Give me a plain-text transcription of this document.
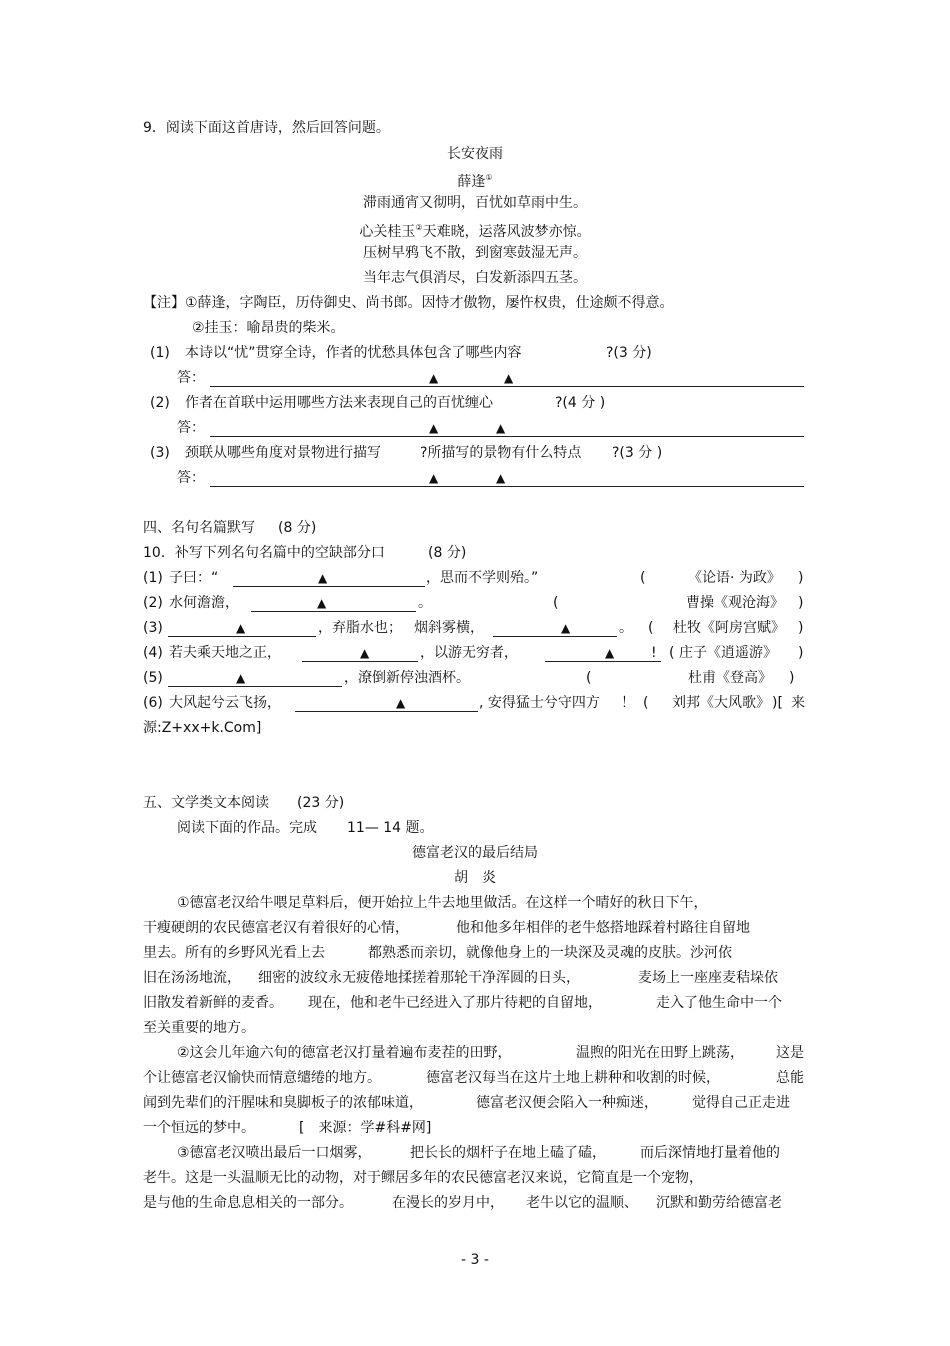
9．阅读下面这首唐诗，然后回答问题。
长安夜雨
薛逢①
滞雨通宵又彻明，百忧如草雨中生。
心关桂玉②天难晓，运落风波梦亦惊。
压树早鸦飞不散，到窗寒鼓湿无声。
当年志气俱消尽，白发新添四五茎。
【注】①薛逢，字陶臣，历侍御史、尚书郎。因恃才傲物，屡忤权贵，仕途颇不得意。
②挂玉：喻昂贵的柴米。
(1) 本诗以“忧”贯穿全诗，作者的忧愁具体包含了哪些内容	?(3 分)
答：	▲	▲
(2) 作者在首联中运用哪些方法来表现自己的百忧缠心	?(4 分 )
答：	▲	▲
(3) 颈联从哪些角度对景物进行描写	?所描写的景物有什么特点 ?(3 分 )
答：	▲	▲
四、名句名篇默写 (8 分)
10．补写下列名句名篇中的空缺部分口	(8 分)
(1) 子曰：“	▲	，思而不学则殆。”	(	《论语· 为政》 )
(2) 水何澹澹，	▲	。	(	曹操《观沧海》 )
(3)	▲	，弃脂水也； 烟斜雾横，	▲	。 ( 杜牧《阿房宫赋》 )
(4) 若夫乘天地之正，	▲	，以游无穷者，	▲	! ( 庄子《逍遥游》 )
(5)	▲	，潦倒新停浊酒杯。	(	杜甫《登高》 )
(6) 大风起兮云飞扬，	▲	, 安得猛士兮守四方 ！ ( 刘邦《大风歌》 )[ 来
源:Z+xx+k.Com]
五、文学类文本阅读 (23 分)
阅读下面的作品。完成 11— 14 题。
德富老汉的最后结局
胡　炎
①德富老汉给牛喂足草料后，便开始拉上牛去地里做活。在这样一个晴好的秋日下午，
干瘦硬朗的农民德富老汉有着很好的心情，	他和他多年相伴的老牛悠搭地踩着村路往自留地
里去。所有的乡野风光看上去	都熟悉而亲切，就像他身上的一块深及灵魂的皮肤。沙河依
旧在汤汤地流， 细密的波纹永无疲倦地揉搓着那轮干净浑圆的日头，	麦场上一座座麦秸垛依
旧散发着新鲜的麦香。 现在，他和老牛已经进入了那片待耙的自留地，	走入了他生命中一个
至关重要的地方。
②这会儿年逾六旬的德富老汉打量着遍布麦茬的田野，	温煦的阳光在田野上跳荡， 这是
个让德富老汉愉快而情意缱绻的地方。	德富老汉每当在这片土地上耕种和收割的时候，	总能
闻到先辈们的汗腥味和臭脚板子的浓郁味道，	德富老汉便会陷入一种痴迷， 觉得自己正走进
一个恒远的梦中。	[　来源：学#科#网]
③德富老汉喷出最后一口烟雾，	把长长的烟杆子在地上磕了磕， 而后深情地打量着他的
老牛。这是一头温顺无比的动物，对于鳏居多年的农民德富老汉来说，它简直是一个宠物，
是与他的生命息息相关的一部分。	在漫长的岁月中， 老牛以它的温顺、 沉默和勤劳给德富老
- 3 -
